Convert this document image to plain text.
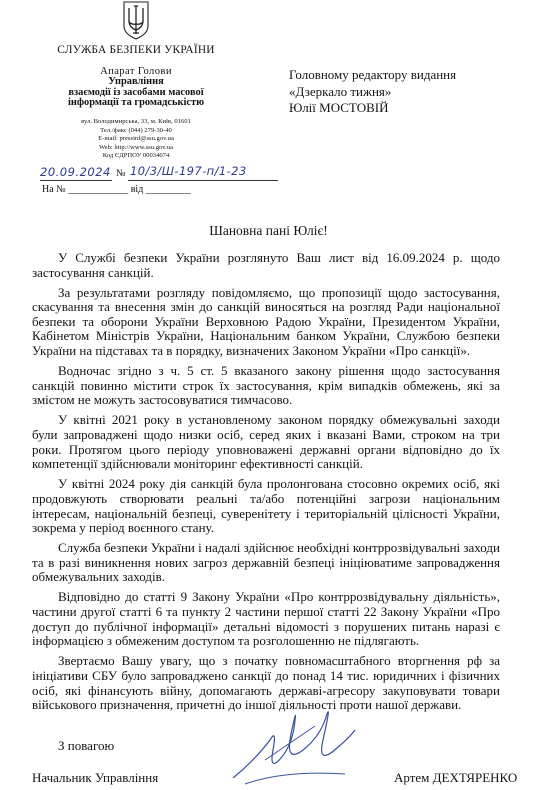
СЛУЖБА БЕЗПЕКИ УКРАЇНИ
Апарат Голови
Управління
взаємодії із засобами масової
інформації та громадськістю
вул. Володимирська, 33, м. Київ, 01601
Тел./факс (044) 279-30-40
E-mail: pressinf@ssu.gov.ua
Web: http://www.ssu.gov.ua
Код ЄДРПОУ 00034074
20.09.2024 № 10/3/Ш-197-п/1-23
На № ____________ від _________
Головному редактору видання
«Дзеркало тижня»
Юлії МОСТОВІЙ
Шановна пані Юліє!

У Службі безпеки України розглянуто Ваш лист від 16.09.2024 р. щодо застосування санкцій.

За результатами розгляду повідомляємо, що пропозиції щодо застосування, скасування та внесення змін до санкцій виносяться на розгляд Ради національної безпеки та оборони України Верховною Радою України, Президентом України, Кабінетом Міністрів України, Національним банком України, Службою безпеки України на підставах та в порядку, визначених Законом України «Про санкції».

Водночас згідно з ч. 5 ст. 5 вказаного закону рішення щодо застосування санкцій повинно містити строк їх застосування, крім випадків обмежень, які за змістом не можуть застосовуватися тимчасово.

У квітні 2021 року в установленому законом порядку обмежувальні заходи були запроваджені щодо низки осіб, серед яких і вказані Вами, строком на три роки. Протягом цього періоду уповноважені державні органи відповідно до їх компетенції здійснювали моніторинг ефективності санкцій.

У квітні 2024 року дія санкцій була пролонгована стосовно окремих осіб, які продовжують створювати реальні та/або потенційні загрози національним інтересам, національній безпеці, суверенітету і територіальній цілісності України, зокрема у період воєнного стану.

Служба безпеки України і надалі здійснює необхідні контррозвідувальні заходи та в разі виникнення нових загроз державній безпеці ініціюватиме запровадження обмежувальних заходів.

Відповідно до статті 9 Закону України «Про контррозвідувальну діяльність», частини другої статті 6 та пункту 2 частини першої статті 22 Закону України «Про доступ до публічної інформації» детальні відомості з порушених питань наразі є інформацією з обмеженим доступом та розголошенню не підлягають.

Звертаємо Вашу увагу, що з початку повномасштабного вторгнення рф за ініціативи СБУ було запроваджено санкції до понад 14 тис. юридичних і фізичних осіб, які фінансують війну, допомагають державі-агресору закуповувати товари військового призначення, причетні до іншої діяльності проти нашої держави.

З повагою
Начальник Управління	Артем ДЕХТЯРЕНКО
